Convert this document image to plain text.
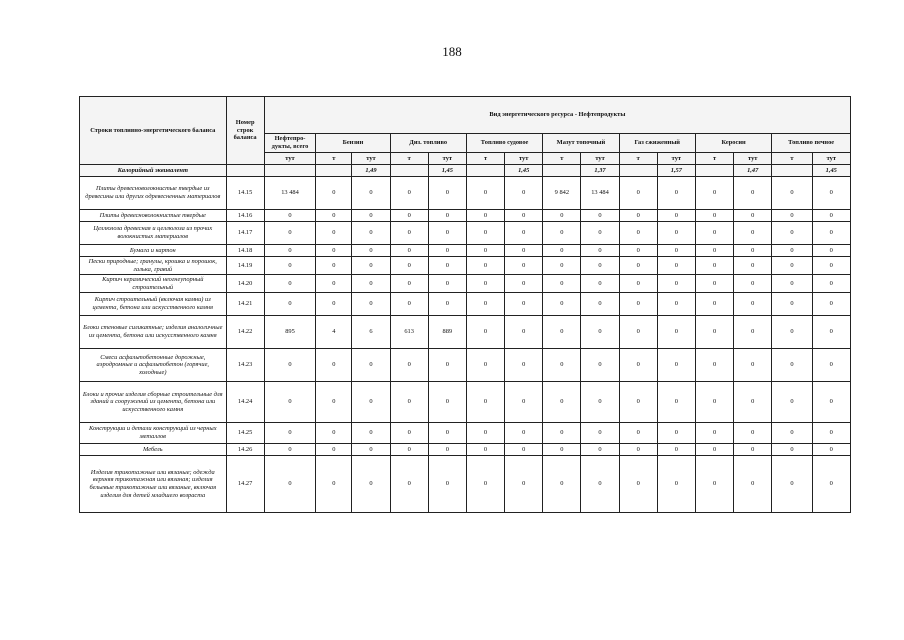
188
Строки топливно-энергетического баланса	Номер строк баланса	Вид энергетического ресурса - Нефтепродукты														
		Нефтепро-дукты, всего	Бензин		Диз. топливо		Топливо судовое		Мазут топочный		Газ сжиженный		Керосин		Топливо печное	
		тут	т	тут	т	тут	т	тут	т	тут	т	тут	т	тут	т	тут
Калорийный эквивалент				1,49		1,45		1,45		1,37		1,57		1,47		1,45
Плиты древесноволокнистые твердые из древесины или других одревесненных материалов	14.15	13 484	0	0	0	0	0	0	9 842	13 484	0	0	0	0	0	0
Плиты древесноволокнистые твердые	14.16	0	0	0	0	0	0	0	0	0	0	0	0	0	0	0
Целлюлоза древесная и целлюлоза из прочих волокнистых материалов	14.17	0	0	0	0	0	0	0	0	0	0	0	0	0	0	0
Бумага и картон	14.18	0	0	0	0	0	0	0	0	0	0	0	0	0	0	0
Пески природные; гранулы, крошка и порошок, галька, гравий	14.19	0	0	0	0	0	0	0	0	0	0	0	0	0	0	0
Кирпич керамический неогнеупорный строительный	14.20	0	0	0	0	0	0	0	0	0	0	0	0	0	0	0
Кирпич строительный (включая камни) из цемента, бетона или искусственного камня	14.21	0	0	0	0	0	0	0	0	0	0	0	0	0	0	0
Блоки стеновые силикатные; изделия аналогичные из цемента, бетона или искусственного камня	14.22	895	4	6	613	889	0	0	0	0	0	0	0	0	0	0
Смеси асфальтобетонные дорожные, аэродромные и асфальтобетон (горячие, холодные)	14.23	0	0	0	0	0	0	0	0	0	0	0	0	0	0	0
Блоки и прочие изделия сборные строительные для зданий и сооружений из цемента, бетона или искусственного камня	14.24	0	0	0	0	0	0	0	0	0	0	0	0	0	0	0
Конструкции и детали конструкций из черных металлов	14.25	0	0	0	0	0	0	0	0	0	0	0	0	0	0	0
Мебель	14.26	0	0	0	0	0	0	0	0	0	0	0	0	0	0	0
Изделия трикотажные или вязаные; одежда верхняя трикотажная или вязаная; изделия бельевые трикотажные или вязаные, включая изделия для детей младшего возраста	14.27	0	0	0	0	0	0	0	0	0	0	0	0	0	0	0
